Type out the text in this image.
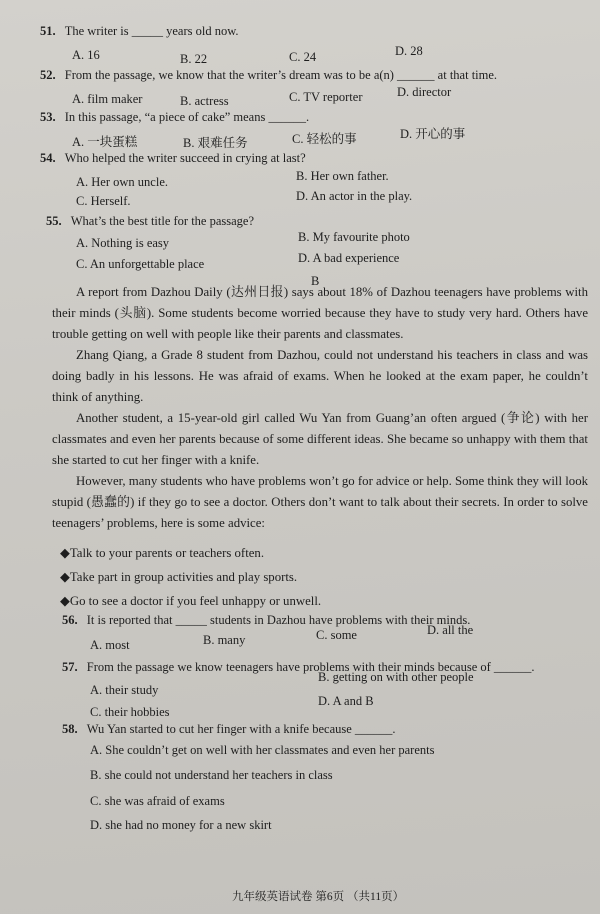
51. The writer is _____ years old now.
A. 16	B. 22	C. 24	D. 28
52. From the passage, we know that the writer’s dream was to be a(n) ______ at that time.
A. film maker	B. actress	C. TV reporter	D. director
53. In this passage, “a piece of cake” means ______.
A. 一块蛋糕	B. 艰难任务	C. 轻松的事	D. 开心的事
54. Who helped the writer succeed in crying at last?
A. Her own uncle.	B. Her own father.
C. Herself.	D. An actor in the play.
55. What’s the best title for the passage?
A. Nothing is easy	B. My favourite photo
C. An unforgettable place	D. A bad experience
B

A report from Dazhou Daily (达州日报) says about 18% of Dazhou teenagers have problems with their minds (头脑). Some students become worried because they have to study very hard. Others have trouble getting on well with people like their parents and classmates.

Zhang Qiang, a Grade 8 student from Dazhou, could not understand his teachers in class and was doing badly in his lessons. He was afraid of exams. When he looked at the exam paper, he couldn’t think of anything.

Another student, a 15-year-old girl called Wu Yan from Guang’an often argued (争论) with her classmates and even her parents because of some different ideas. She became so unhappy with them that she started to cut her finger with a knife.

However, many students who have problems won’t go for advice or help. Some think they will look stupid (愚蠢的) if they go to see a doctor. Others don’t want to talk about their secrets. In order to solve teenagers’ problems, here is some advice:

◆Talk to your parents or teachers often.
◆Take part in group activities and play sports.
◆Go to see a doctor if you feel unhappy or unwell.
56. It is reported that _____ students in Dazhou have problems with their minds.
A. most	B. many	C. some	D. all the
57. From the passage we know teenagers have problems with their minds because of ______.
A. their study
B. getting on with other people
C. their hobbies
D. A and B
58. Wu Yan started to cut her finger with a knife because ______.
A. She couldn’t get on well with her classmates and even her parents
B. she could not understand her teachers in class
C. she was afraid of exams
D. she had no money for a new skirt
九年级英语试卷 第6页 （共11页）
